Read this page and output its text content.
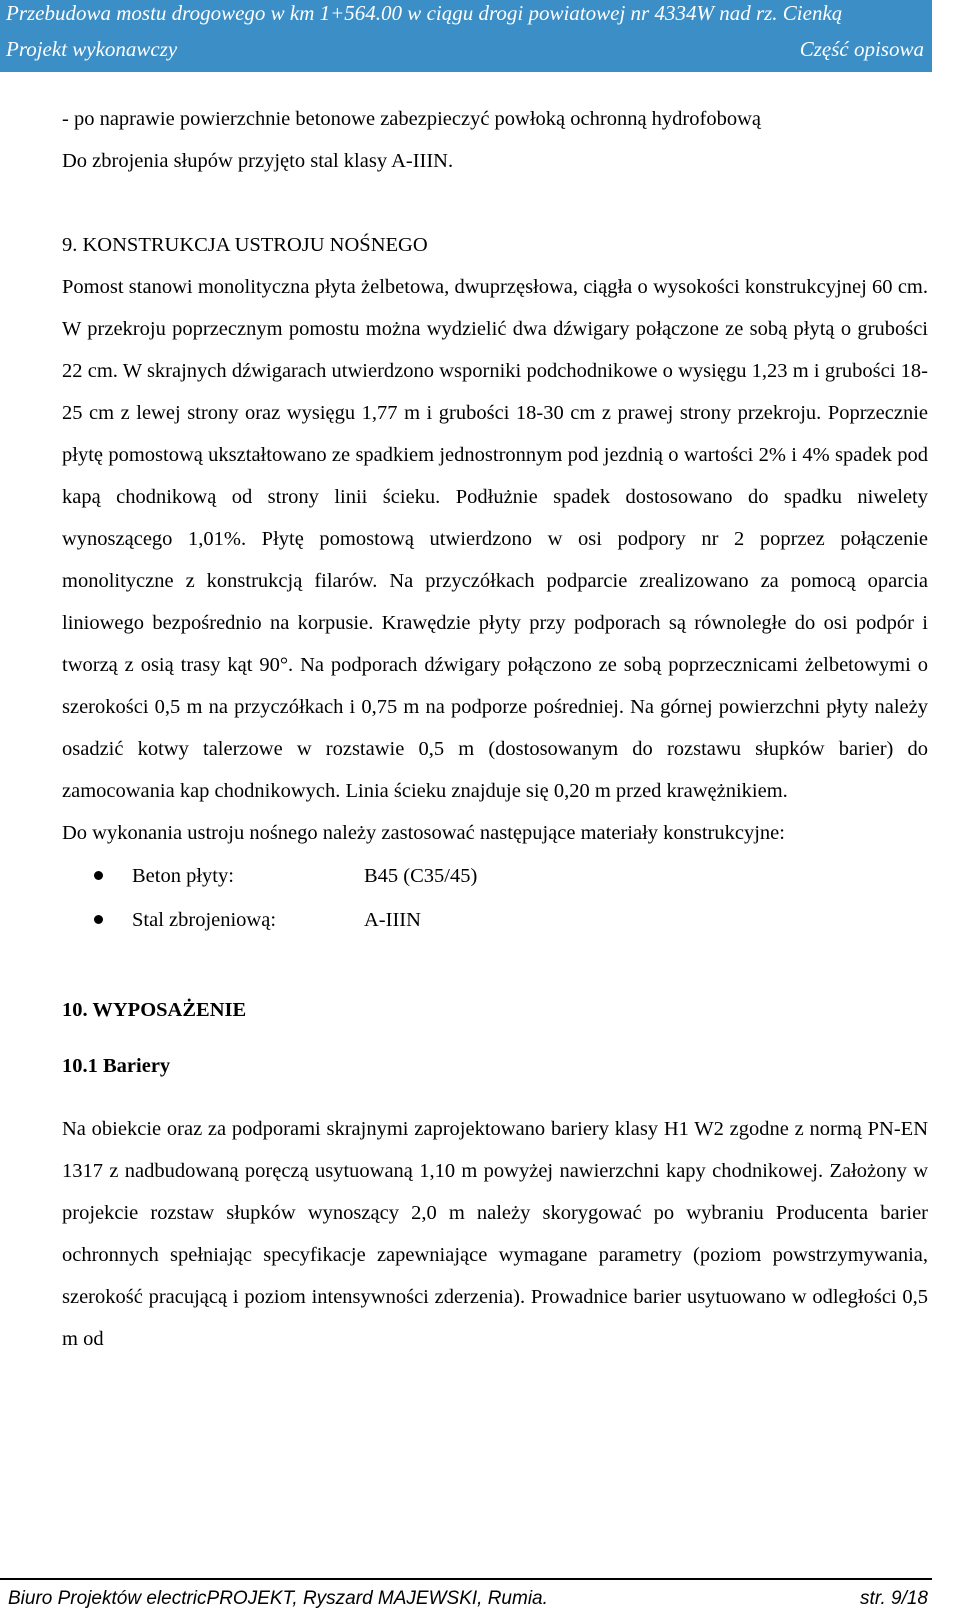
Przebudowa mostu drogowego w km 1+564.00 w ciągu drogi powiatowej nr 4334W nad rz. Cienką
Projekt wykonawczy	Część opisowa

- po naprawie powierzchnie betonowe zabezpieczyć powłoką ochronną hydrofobową

Do zbrojenia słupów przyjęto stal klasy A-IIIN.

9. KONSTRUKCJA USTROJU NOŚNEGO

Pomost stanowi monolityczna płyta żelbetowa, dwuprzęsłowa, ciągła o wysokości konstrukcyjnej 60 cm. W przekroju poprzecznym pomostu można wydzielić dwa dźwigary połączone ze sobą płytą o grubości 22 cm. W skrajnych dźwigarach utwierdzono wsporniki podchodnikowe o wysięgu 1,23 m i grubości 18-25 cm z lewej strony oraz wysięgu 1,77 m i grubości 18-30 cm z prawej strony przekroju. Poprzecznie płytę pomostową ukształtowano ze spadkiem jednostronnym pod jezdnią o wartości 2% i 4% spadek pod kapą chodnikową od strony linii ścieku. Podłużnie spadek dostosowano do spadku niwelety wynoszącego 1,01%. Płytę pomostową utwierdzono w osi podpory nr 2 poprzez połączenie monolityczne z konstrukcją filarów. Na przyczółkach podparcie zrealizowano za pomocą oparcia liniowego bezpośrednio na korpusie. Krawędzie płyty przy podporach są równoległe do osi podpór i tworzą z osią trasy kąt 90°. Na podporach dźwigary połączono ze sobą poprzecznicami żelbetowymi o szerokości 0,5 m na przyczółkach i 0,75 m na podporze pośredniej. Na górnej powierzchni płyty należy osadzić kotwy talerzowe w rozstawie 0,5 m (dostosowanym do rozstawu słupków barier) do zamocowania kap chodnikowych. Linia ścieku znajduje się 0,20 m przed krawężnikiem.

Do wykonania ustroju nośnego należy zastosować następujące materiały konstrukcyjne:

Beton płyty:	B45 (C35/45)
Stal zbrojeniową:	A-IIIN
10. WYPOSAŻENIE
10.1 Bariery

Na obiekcie oraz za podporami skrajnymi zaprojektowano bariery klasy H1 W2 zgodne z normą PN-EN 1317 z nadbudowaną poręczą usytuowaną 1,10 m powyżej nawierzchni kapy chodnikowej. Założony w projekcie rozstaw słupków wynoszący 2,0 m należy skorygować po wybraniu Producenta barier ochronnych spełniając specyfikacje zapewniające wymagane parametry (poziom powstrzymywania, szerokość pracującą i poziom intensywności zderzenia). Prowadnice barier usytuowano w odległości 0,5 m od

Biuro Projektów electricPROJEKT, Ryszard MAJEWSKI, Rumia.	str. 9/18
